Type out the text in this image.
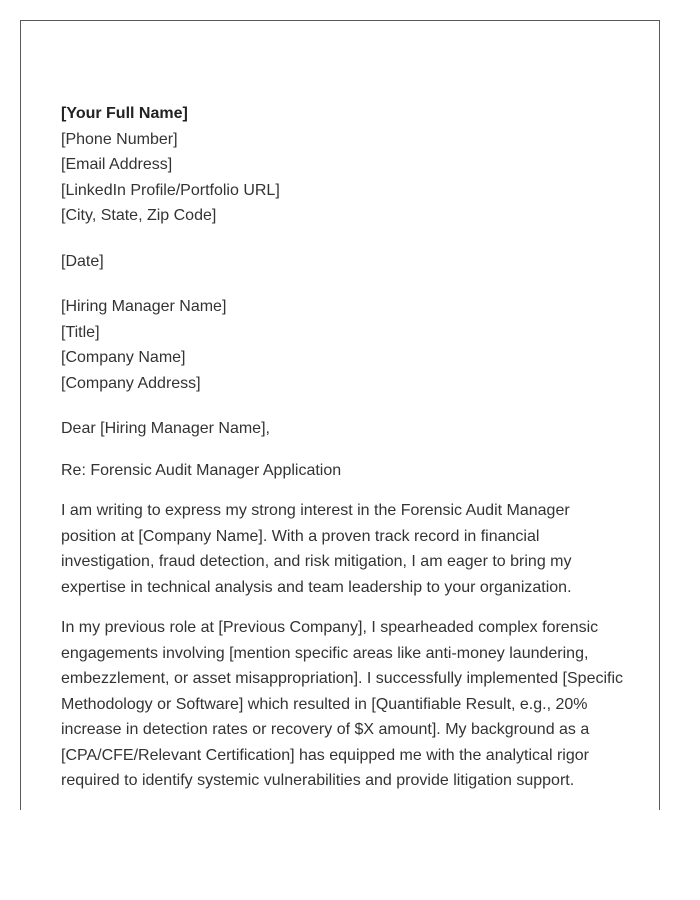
[Your Full Name]
[Phone Number]
[Email Address]
[LinkedIn Profile/Portfolio URL]
[City, State, Zip Code]
[Date]
[Hiring Manager Name]
[Title]
[Company Name]
[Company Address]
Dear [Hiring Manager Name],
Re: Forensic Audit Manager Application

I am writing to express my strong interest in the Forensic Audit Manager position at [Company Name]. With a proven track record in financial investigation, fraud detection, and risk mitigation, I am eager to bring my expertise in technical analysis and team leadership to your organization.

In my previous role at [Previous Company], I spearheaded complex forensic engagements involving [mention specific areas like anti-money laundering, embezzlement, or asset misappropriation]. I successfully implemented [Specific Methodology or Software] which resulted in [Quantifiable Result, e.g., 20% increase in detection rates or recovery of $X amount]. My background as a [CPA/CFE/Relevant Certification] has equipped me with the analytical rigor required to identify systemic vulnerabilities and provide litigation support.
